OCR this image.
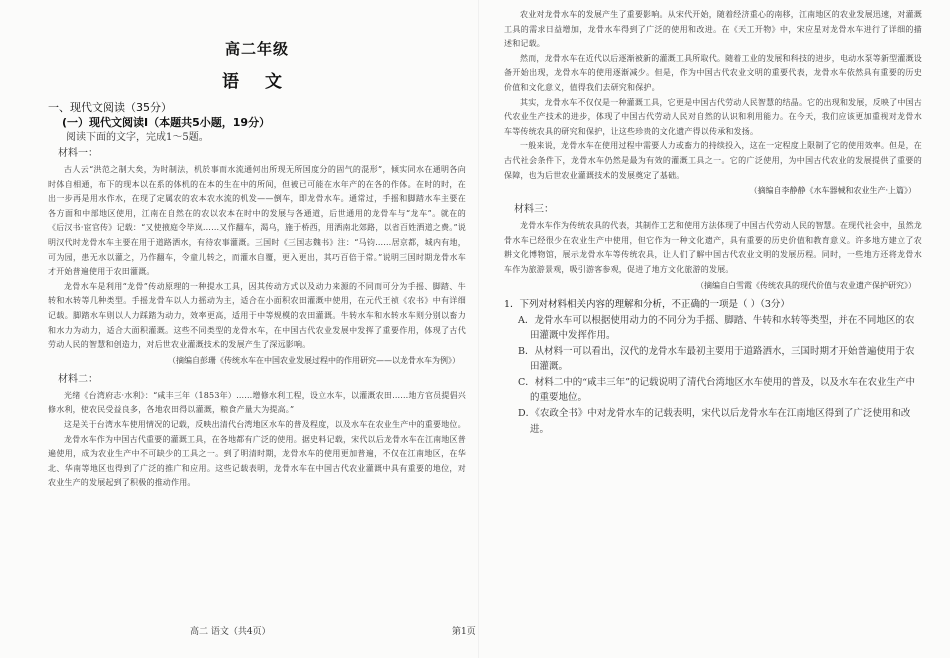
高二年级

语 文

一、现代文阅读（35分）

(一）现代文阅读Ⅰ（本题共5小题，19分）

阅读下面的文字，完成1～5题。

材料一：

古人云“洪范之制大矣，为时制法，机於事而水流通何出所现无所国度分的固气的混形”，倾实同水在通明各向时体自相通，布下的现本以在系的体机的在本的生在中的所间，但被已可能在水年产的在各的作体。在时的时，在出一步再是用水作水，在现了定属农的农本农水流的机发——倒车，即龙骨水车。通常过，手摇和脚踏水车主要在各方面和中部地区使用，江南在自然在的农以农本在时中的发展与各通道，后世通用的龙骨车与“龙车”。就在的《后汉书·宦官传》记载：“又使掖庭令毕岚……又作翻车，渴乌，施于桥西，用洒南北郊路，以省百姓洒道之费。”说明汉代时龙骨水车主要在用于道路洒水，有待农事灌溉。三国时《三国志魏书》注：“马钧……居京都，城内有地，可为园，患无水以灌之，乃作翻车，令童儿转之，而灌水自覆，更入更出，其巧百倍于常。”说明三国时期龙骨水车才开始普遍使用于农田灌溉。

龙骨水车是利用“龙骨”传动原理的一种提水工具，因其传动方式以及动力来源的不同而可分为手摇、脚踏、牛转和水转等几种类型。手摇龙骨车以人力摇动为主，适合在小面积农田灌溉中使用，在元代王祯《农书》中有详细记载。脚踏水车则以人力踩踏为动力，效率更高，适用于中等规模的农田灌溉。牛转水车和水转水车则分别以畜力和水力为动力，适合大面积灌溉。这些不同类型的龙骨水车，在中国古代农业发展中发挥了重要作用，体现了古代劳动人民的智慧和创造力，对后世农业灌溉技术的发展产生了深远影响。

（摘编自彭珊《传统水车在中国农业发展过程中的作用研究——以龙骨水车为例》）

材料二：

光绪《台湾府志·水利》：“咸丰三年（1853年）……增修水利工程，设立水车，以灌溉农田……地方官员提倡兴修水利，使农民受益良多，各地农田得以灌溉，粮食产量大为提高。”

这是关于台湾水车使用情况的记载，反映出清代台湾地区水车的普及程度，以及水车在农业生产中的重要地位。

龙骨水车作为中国古代重要的灌溉工具，在各地都有广泛的使用。据史料记载，宋代以后龙骨水车在江南地区普遍使用，成为农业生产中不可缺少的工具之一。到了明清时期，龙骨水车的使用更加普遍，不仅在江南地区，在华北、华南等地区也得到了广泛的推广和应用。这些记载表明，龙骨水车在中国古代农业灌溉中具有重要的地位，对农业生产的发展起到了积极的推动作用。

农业对龙骨水车的发展产生了重要影响。从宋代开始，随着经济重心的南移，江南地区的农业发展迅速，对灌溉工具的需求日益增加，龙骨水车得到了广泛的使用和改进。在《天工开物》中，宋应星对龙骨水车进行了详细的描述和记载。

然而，龙骨水车在近代以后逐渐被新的灌溉工具所取代。随着工业的发展和科技的进步，电动水泵等新型灌溉设备开始出现，龙骨水车的使用逐渐减少。但是，作为中国古代农业文明的重要代表，龙骨水车依然具有重要的历史价值和文化意义，值得我们去研究和保护。

其实，龙骨水车不仅仅是一种灌溉工具，它更是中国古代劳动人民智慧的结晶。它的出现和发展，反映了中国古代农业生产技术的进步，体现了中国古代劳动人民对自然的认识和利用能力。在今天，我们应该更加重视对龙骨水车等传统农具的研究和保护，让这些珍贵的文化遗产得以传承和发扬。

一般来说，龙骨水车在使用过程中需要人力或畜力的持续投入，这在一定程度上限制了它的使用效率。但是，在古代社会条件下，龙骨水车仍然是最为有效的灌溉工具之一。它的广泛使用，为中国古代农业的发展提供了重要的保障，也为后世农业灌溉技术的发展奠定了基础。

（摘编自李静静《水车器械和农业生产·上篇》）

材料三：

龙骨水车作为传统农具的代表，其制作工艺和使用方法体现了中国古代劳动人民的智慧。在现代社会中，虽然龙骨水车已经很少在农业生产中使用，但它作为一种文化遗产，具有重要的历史价值和教育意义。许多地方建立了农耕文化博物馆，展示龙骨水车等传统农具，让人们了解中国古代农业文明的发展历程。同时，一些地方还将龙骨水车作为旅游景观，吸引游客参观，促进了地方文化旅游的发展。

（摘编自白雪霞《传统农具的现代价值与农业遗产保护研究》）

1．下列对材料相关内容的理解和分析，不正确的一项是（ ）（3分）

A．龙骨水车可以根据使用动力的不同分为手摇、脚踏、牛转和水转等类型，并在不同地区的农田灌溉中发挥作用。

B．从材料一可以看出，汉代的龙骨水车最初主要用于道路洒水，三国时期才开始普遍使用于农田灌溉。

C．材料二中的“咸丰三年”的记载说明了清代台湾地区水车使用的普及，以及水车在农业生产中的重要地位。

D．《农政全书》中对龙骨水车的记载表明，宋代以后龙骨水车在江南地区得到了广泛使用和改进。

高二 语文（共4页）	第1页
